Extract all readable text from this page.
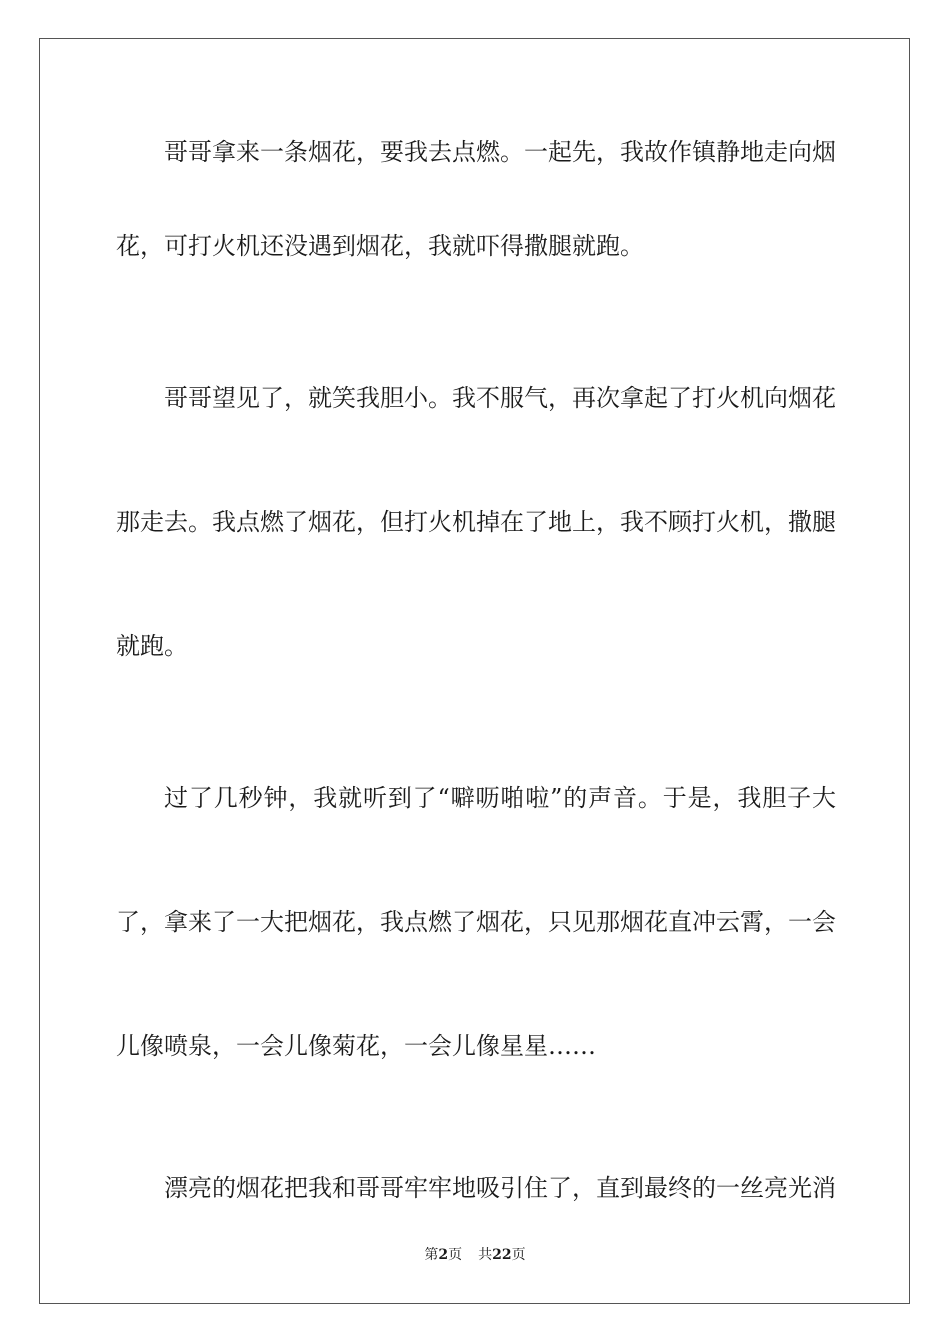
哥哥拿来一条烟花，要我去点燃。一起先，我故作镇静地走向烟
花，可打火机还没遇到烟花，我就吓得撒腿就跑。
哥哥望见了，就笑我胆小。我不服气，再次拿起了打火机向烟花
那走去。我点燃了烟花，但打火机掉在了地上，我不顾打火机，撒腿
就跑。
过了几秒钟，我就听到了“噼呖啪啦”的声音。于是，我胆子大
了，拿来了一大把烟花，我点燃了烟花，只见那烟花直冲云霄，一会
儿像喷泉，一会儿像菊花，一会儿像星星……
漂亮的烟花把我和哥哥牢牢地吸引住了，直到最终的一丝亮光消
第2页 共22页
